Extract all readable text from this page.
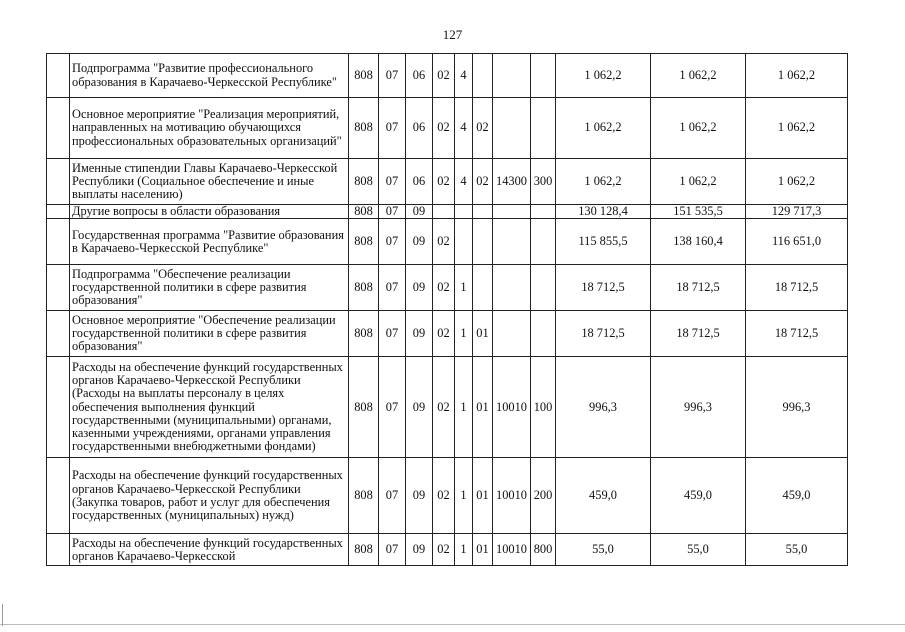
127
	Подпрограмма "Развитие профессионального образования в Карачаево-Черкесской Республике"	808	07	06	02	4				1 062,2	1 062,2	1 062,2
	Основное мероприятие "Реализация мероприятий, направленных на мотивацию обучающихся профессиональных образовательных организаций"	808	07	06	02	4	02			1 062,2	1 062,2	1 062,2
	Именные стипендии Главы Карачаево-Черкесской Республики (Социальное обеспечение и иные выплаты населению)	808	07	06	02	4	02	14300	300	1 062,2	1 062,2	1 062,2
	Другие вопросы в области образования	808	07	09						130 128,4	151 535,5	129 717,3
	Государственная программа "Развитие образования в Карачаево-Черкесской Республике"	808	07	09	02					115 855,5	138 160,4	116 651,0
	Подпрограмма "Обеспечение реализации государственной политики в сфере развития образования"	808	07	09	02	1				18 712,5	18 712,5	18 712,5
	Основное мероприятие "Обеспечение реализации государственной политики в сфере развития образования"	808	07	09	02	1	01			18 712,5	18 712,5	18 712,5
	Расходы на обеспечение функций государственных органов Карачаево-Черкесской Республики (Расходы на выплаты персоналу в целях обеспечения выполнения функций государственными (муниципальными) органами, казенными учреждениями, органами управления государственными внебюджетными фондами)	808	07	09	02	1	01	10010	100	996,3	996,3	996,3
	Расходы на обеспечение функций государственных органов Карачаево-Черкесской Республики (Закупка товаров, работ и услуг для обеспечения государственных (муниципальных) нужд)	808	07	09	02	1	01	10010	200	459,0	459,0	459,0
	Расходы на обеспечение функций государственных органов Карачаево-Черкесской	808	07	09	02	1	01	10010	800	55,0	55,0	55,0
